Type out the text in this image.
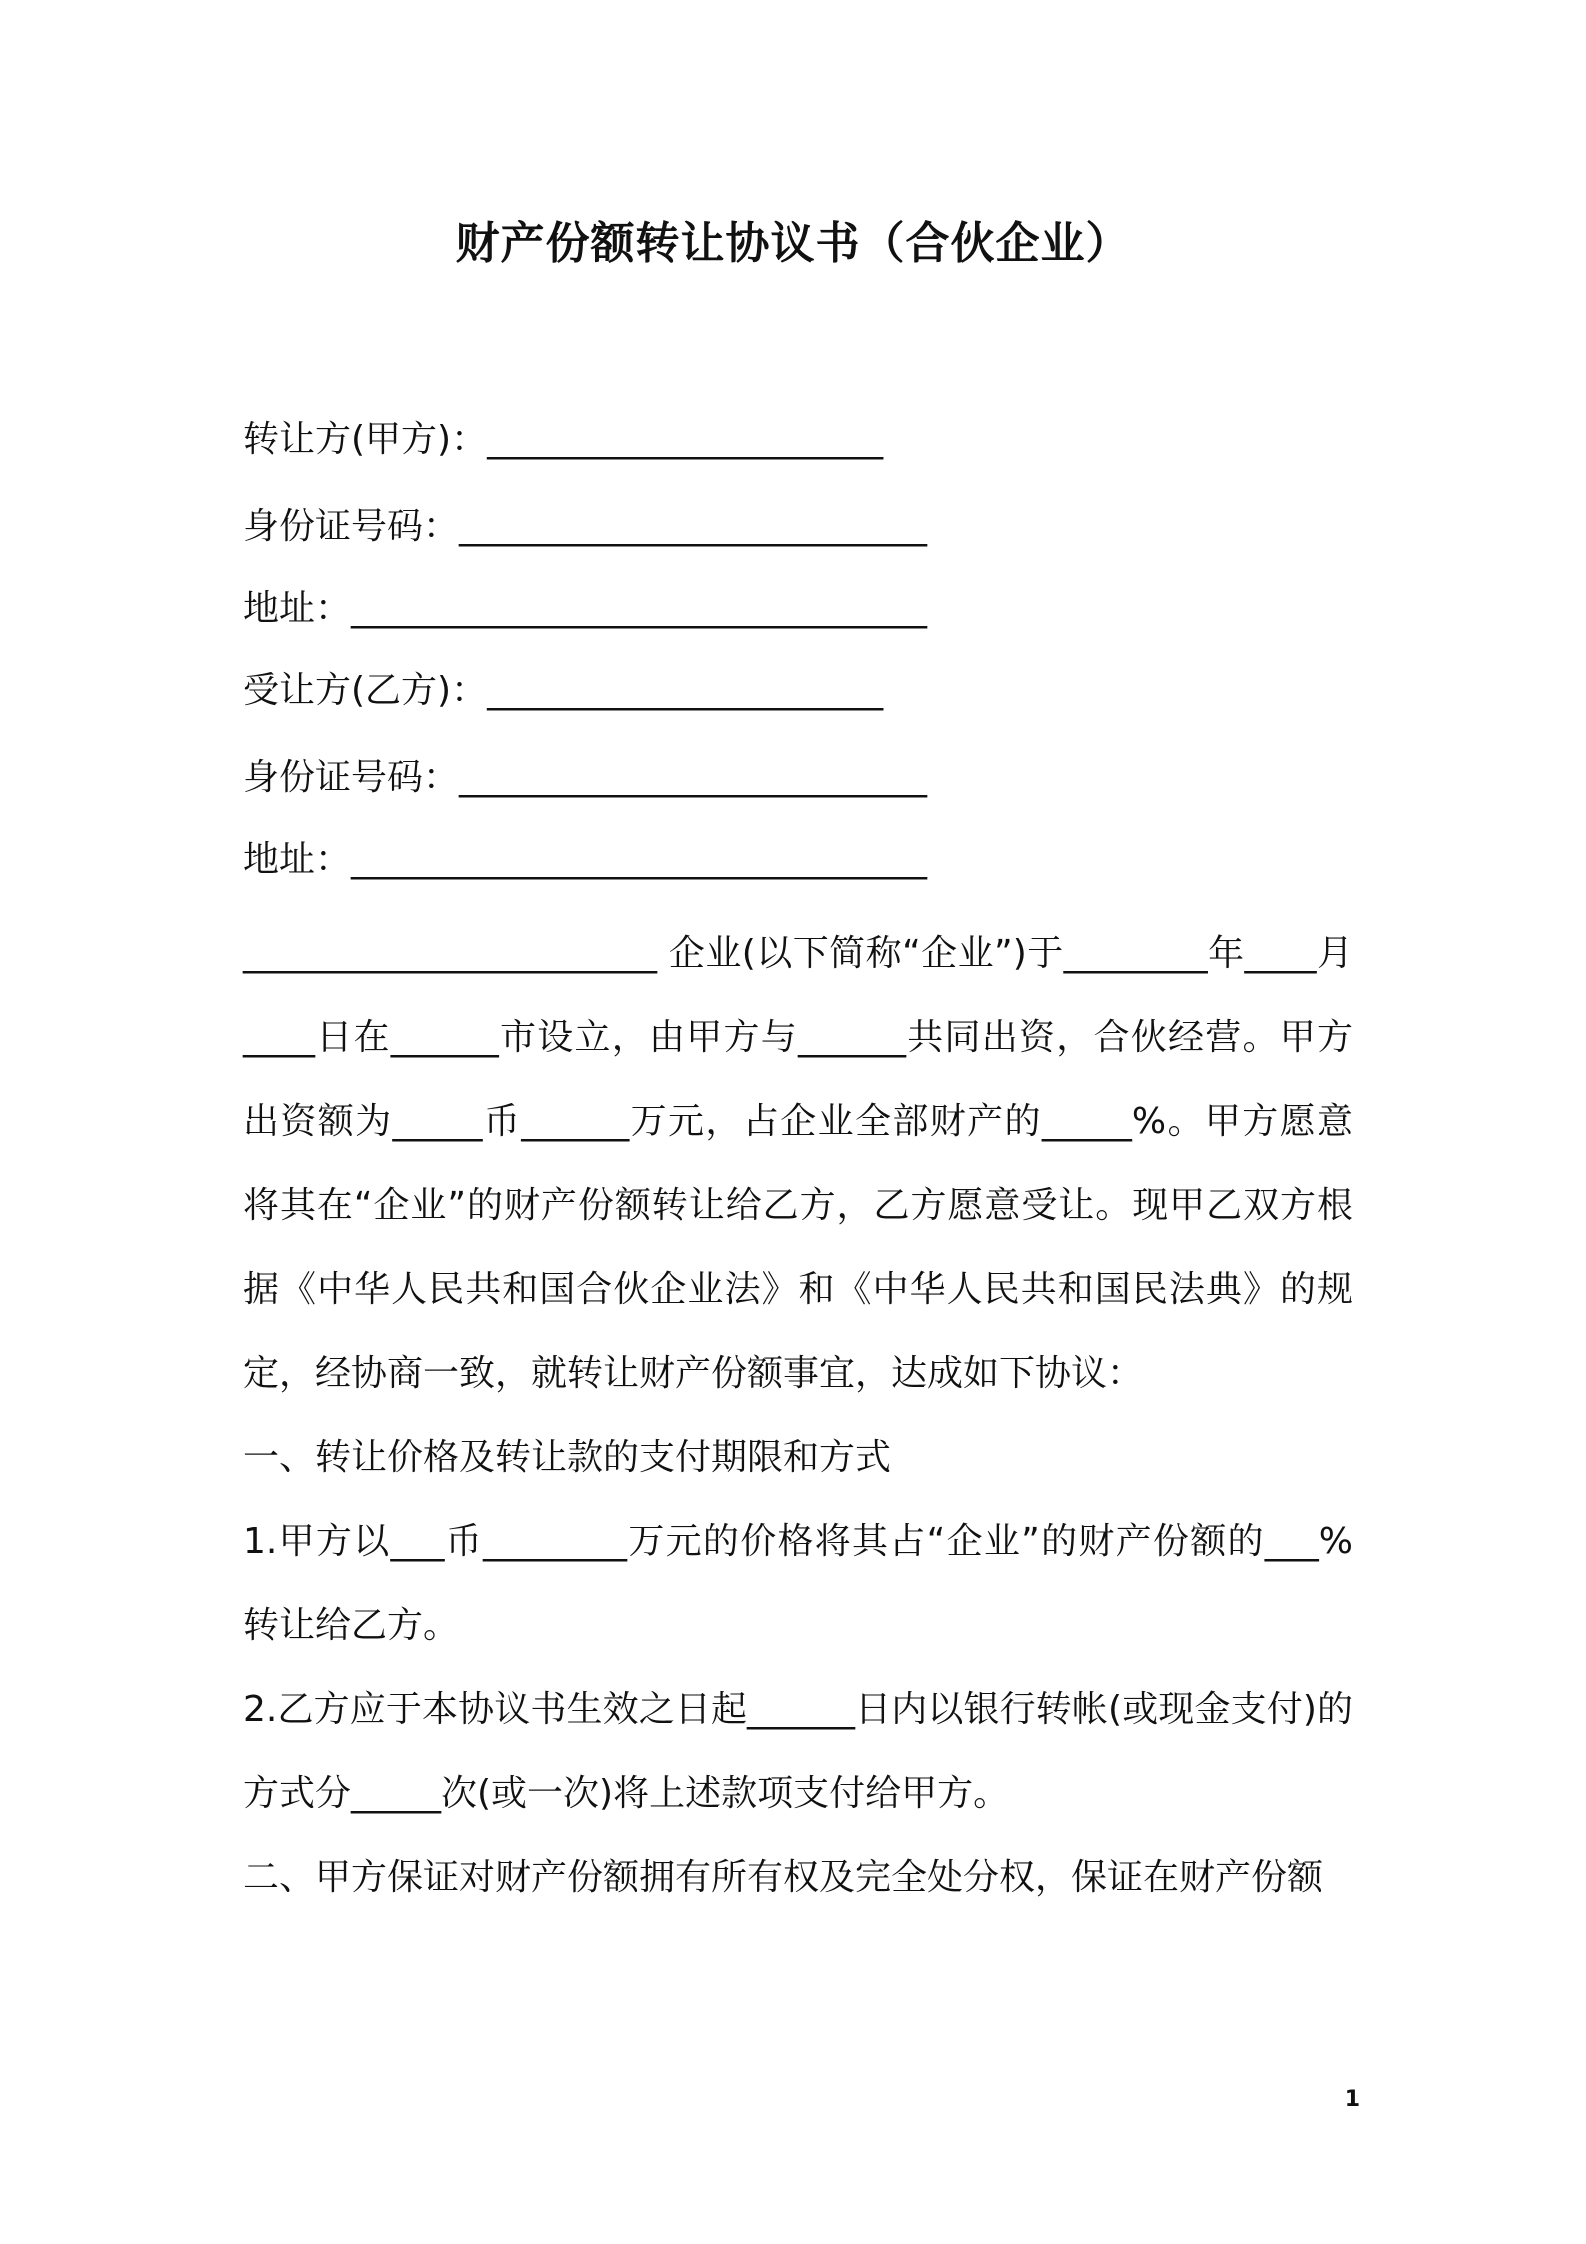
财产份额转让协议书（合伙企业）
转让方(甲方)：______________________
身份证号码：__________________________
地址：________________________________
受让方(乙方)：______________________
身份证号码：__________________________
地址：________________________________

_______________________ 企业(以下简称“企业”)于________年____月____日在______市设立，由甲方与______共同出资，合伙经营。甲方出资额为_____币______万元，占企业全部财产的_____%。甲方愿意将其在“企业”的财产份额转让给乙方，乙方愿意受让。现甲乙双方根据《中华人民共和国合伙企业法》和《中华人民共和国民法典》的规定，经协商一致，就转让财产份额事宜，达成如下协议：

一、转让价格及转让款的支付期限和方式

1.甲方以___币________万元的价格将其占“企业”的财产份额的___%转让给乙方。

2.乙方应于本协议书生效之日起______日内以银行转帐(或现金支付)的方式分_____次(或一次)将上述款项支付给甲方。

二、甲方保证对财产份额拥有所有权及完全处分权，保证在财产份额
1
